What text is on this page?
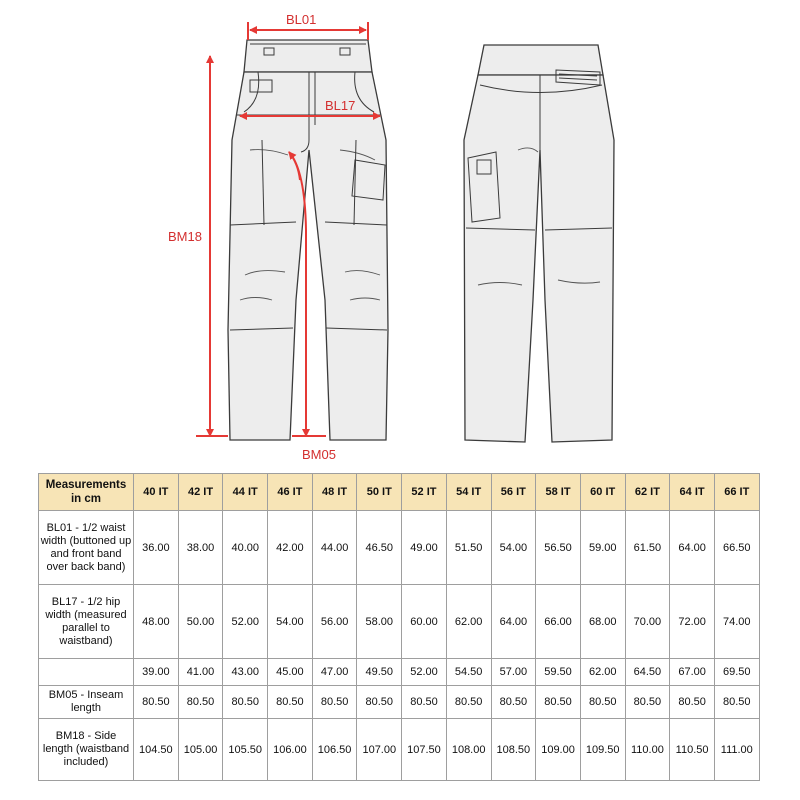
BL01
BL17
BM18
BM05
Measurements in cm	40 IT	42 IT	44 IT	46 IT	48 IT	50 IT	52 IT	54 IT	56 IT	58 IT	60 IT	62 IT	64 IT	66 IT
BL01 - 1/2 waist width (buttoned up and front band over back band)	36.00	38.00	40.00	42.00	44.00	46.50	49.00	51.50	54.00	56.50	59.00	61.50	64.00	66.50
BL17 - 1/2 hip width (measured parallel to waistband)	48.00	50.00	52.00	54.00	56.00	58.00	60.00	62.00	64.00	66.00	68.00	70.00	72.00	74.00
	39.00	41.00	43.00	45.00	47.00	49.50	52.00	54.50	57.00	59.50	62.00	64.50	67.00	69.50
BM05 - Inseam length	80.50	80.50	80.50	80.50	80.50	80.50	80.50	80.50	80.50	80.50	80.50	80.50	80.50	80.50
BM18 - Side length (waistband included)	104.50	105.00	105.50	106.00	106.50	107.00	107.50	108.00	108.50	109.00	109.50	110.00	110.50	111.00
